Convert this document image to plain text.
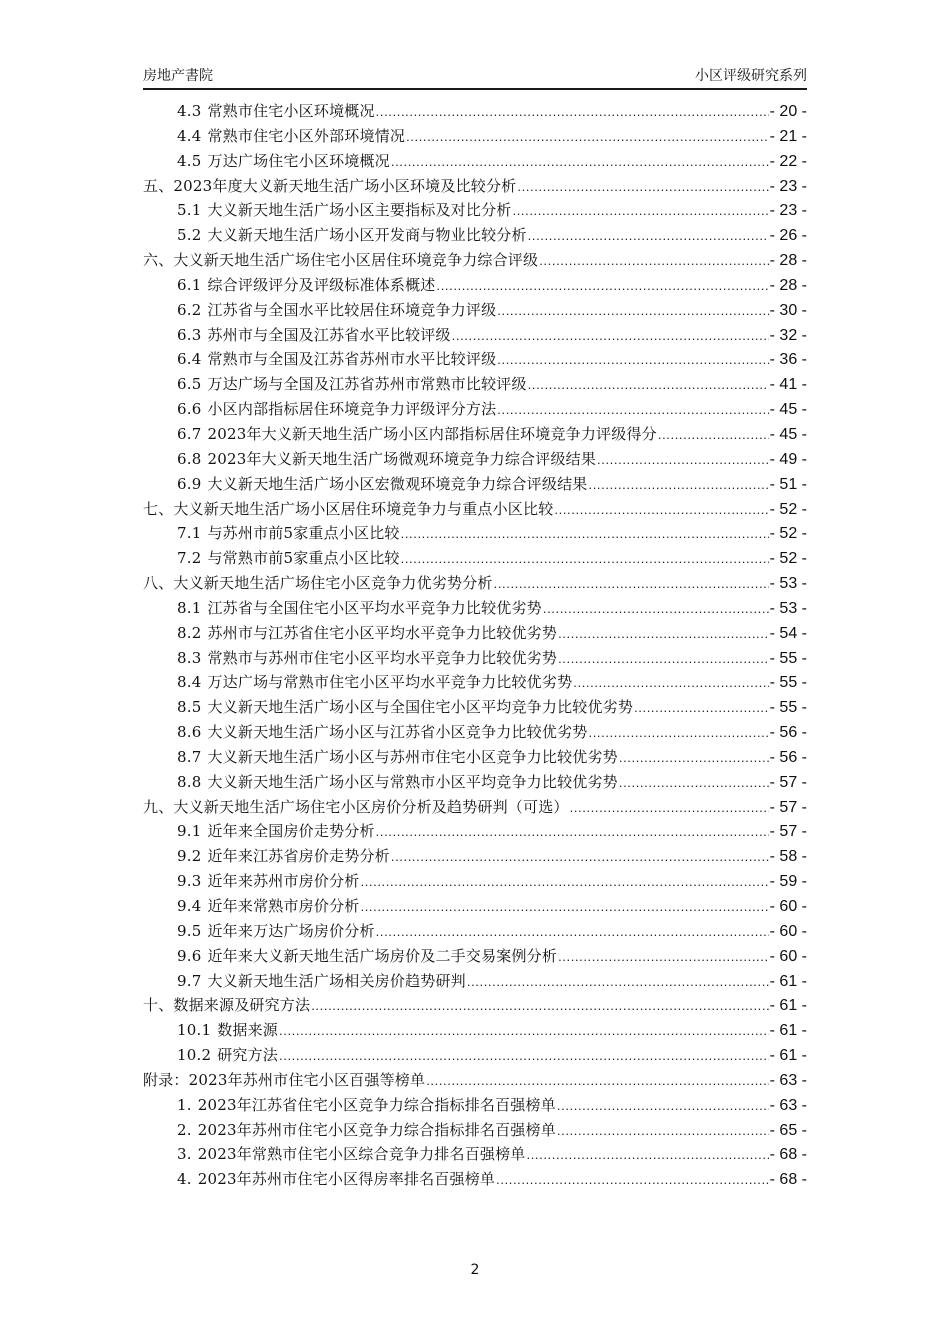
房地产書院	小区评级研究系列
4.3 常熟市住宅小区环境概况 .....	- 20 -
4.4 常熟市住宅小区外部环境情况 .....	- 21 -
4.5 万达广场住宅小区环境概况 .....	- 22 -
五、2023年度大义新天地生活广场小区环境及比较分析 .....	- 23 -
5.1 大义新天地生活广场小区主要指标及对比分析 .....	- 23 -
5.2 大义新天地生活广场小区开发商与物业比较分析 .....	- 26 -
六、大义新天地生活广场住宅小区居住环境竞争力综合评级 .....	- 28 -
6.1 综合评级评分及评级标准体系概述 .....	- 28 -
6.2 江苏省与全国水平比较居住环境竞争力评级 .....	- 30 -
6.3 苏州市与全国及江苏省水平比较评级 .....	- 32 -
6.4 常熟市与全国及江苏省苏州市水平比较评级 .....	- 36 -
6.5 万达广场与全国及江苏省苏州市常熟市比较评级 .....	- 41 -
6.6 小区内部指标居住环境竞争力评级评分方法 .....	- 45 -
6.7 2023年大义新天地生活广场小区内部指标居住环境竞争力评级得分 .....	- 45 -
6.8 2023年大义新天地生活广场微观环境竞争力综合评级结果 .....	- 49 -
6.9 大义新天地生活广场小区宏微观环境竞争力综合评级结果 .....	- 51 -
七、大义新天地生活广场小区居住环境竞争力与重点小区比较 .....	- 52 -
7.1 与苏州市前5家重点小区比较 .....	- 52 -
7.2 与常熟市前5家重点小区比较 .....	- 52 -
八、大义新天地生活广场住宅小区竞争力优劣势分析 .....	- 53 -
8.1 江苏省与全国住宅小区平均水平竞争力比较优劣势 .....	- 53 -
8.2 苏州市与江苏省住宅小区平均水平竞争力比较优劣势 .....	- 54 -
8.3 常熟市与苏州市住宅小区平均水平竞争力比较优劣势 .....	- 55 -
8.4 万达广场与常熟市住宅小区平均水平竞争力比较优劣势 .....	- 55 -
8.5 大义新天地生活广场小区与全国住宅小区平均竞争力比较优劣势 .....	- 55 -
8.6 大义新天地生活广场小区与江苏省小区竞争力比较优劣势 .....	- 56 -
8.7 大义新天地生活广场小区与苏州市住宅小区竞争力比较优劣势 .....	- 56 -
8.8 大义新天地生活广场小区与常熟市小区平均竞争力比较优劣势 .....	- 57 -
九、大义新天地生活广场住宅小区房价分析及趋势研判（可选） .....	- 57 -
9.1 近年来全国房价走势分析 .....	- 57 -
9.2 近年来江苏省房价走势分析 .....	- 58 -
9.3 近年来苏州市房价分析 .....	- 59 -
9.4 近年来常熟市房价分析 .....	- 60 -
9.5 近年来万达广场房价分析 .....	- 60 -
9.6 近年来大义新天地生活广场房价及二手交易案例分析 .....	- 60 -
9.7 大义新天地生活广场相关房价趋势研判 .....	- 61 -
十、数据来源及研究方法 .....	- 61 -
10.1 数据来源 .....	- 61 -
10.2 研究方法 .....	- 61 -
附录：2023年苏州市住宅小区百强等榜单 .....	- 63 -
1. 2023年江苏省住宅小区竞争力综合指标排名百强榜单 .....	- 63 -
2. 2023年苏州市住宅小区竞争力综合指标排名百强榜单 .....	- 65 -
3. 2023年常熟市住宅小区综合竞争力排名百强榜单 .....	- 68 -
4. 2023年苏州市住宅小区得房率排名百强榜单 .....	- 68 -
2
